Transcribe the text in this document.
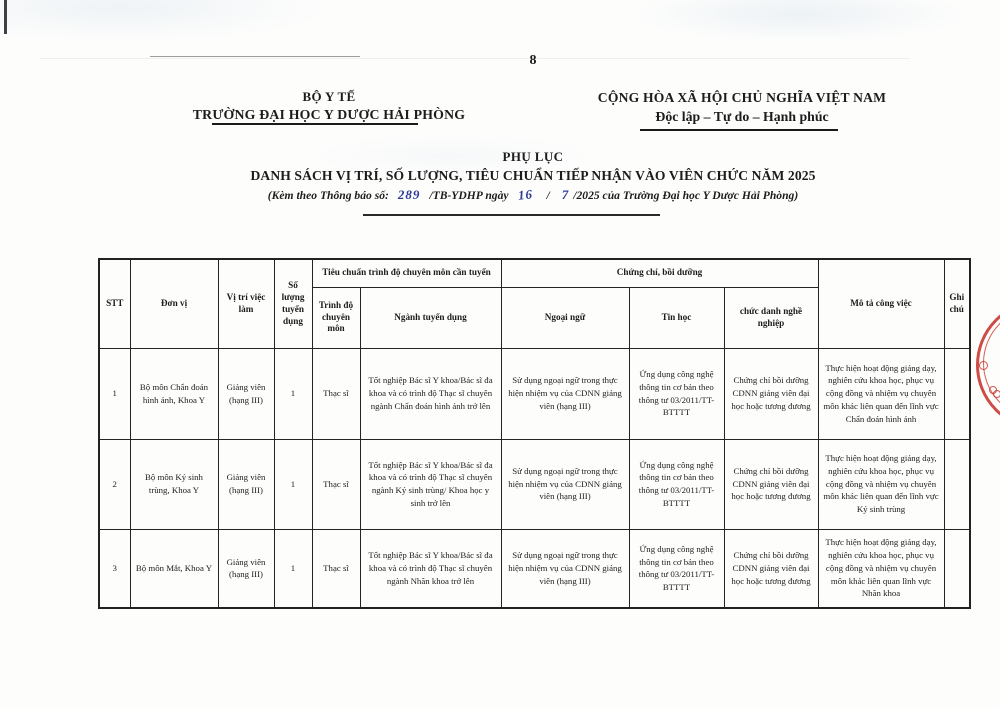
8
BỘ Y TẾ
TRƯỜNG ĐẠI HỌC Y DƯỢC HẢI PHÒNG
CỘNG HÒA XÃ HỘI CHỦ NGHĨA VIỆT NAM
Độc lập – Tự do – Hạnh phúc
PHỤ LỤC
DANH SÁCH VỊ TRÍ, SỐ LƯỢNG, TIÊU CHUẨN TIẾP NHẬN VÀO VIÊN CHỨC NĂM 2025
(Kèm theo Thông báo số: 289 /TB-YDHP ngày 16 / 7 /2025 của Trường Đại học Y Dược Hải Phòng)
STT	Đơn vị	Vị trí việc làm	Số lượng tuyển dụng	Tiêu chuẩn trình độ chuyên môn cần tuyển		Chứng chỉ, bồi dưỡng			Mô tả công việc	Ghi chú
				Trình độ chuyên môn	Ngành tuyển dụng	Ngoại ngữ	Tin học	chức danh nghề nghiệp		
1	Bộ môn Chẩn đoán hình ảnh, Khoa Y	Giảng viên (hạng III)	1	Thạc sĩ	Tốt nghiệp Bác sĩ Y khoa/Bác sĩ đa khoa và có trình độ Thạc sĩ chuyên ngành Chẩn đoán hình ảnh trở lên	Sử dụng ngoại ngữ trong thực hiện nhiệm vụ của CDNN giảng viên (hạng III)	Ứng dụng công nghệ thông tin cơ bản theo thông tư 03/2011/TT-BTTTT	Chứng chỉ bồi dưỡng CDNN giảng viên đại học hoặc tương đương	Thực hiện hoạt động giảng dạy, nghiên cứu khoa học, phục vụ cộng đồng và nhiệm vụ chuyên môn khác liên quan đến lĩnh vực Chẩn đoán hình ảnh	
2	Bộ môn Ký sinh trùng, Khoa Y	Giảng viên (hạng III)	1	Thạc sĩ	Tốt nghiệp Bác sĩ Y khoa/Bác sĩ đa khoa và có trình độ Thạc sĩ chuyên ngành Ký sinh trùng/ Khoa học y sinh trở lên	Sử dụng ngoại ngữ trong thực hiện nhiệm vụ của CDNN giảng viên (hạng III)	Ứng dụng công nghệ thông tin cơ bản theo thông tư 03/2011/TT-BTTTT	Chứng chỉ bồi dưỡng CDNN giảng viên đại học hoặc tương đương	Thực hiện hoạt động giảng dạy, nghiên cứu khoa học, phục vụ cộng đồng và nhiệm vụ chuyên môn khác liên quan đến lĩnh vực Ký sinh trùng	
3	Bộ môn Mắt, Khoa Y	Giảng viên (hạng III)	1	Thạc sĩ	Tốt nghiệp Bác sĩ Y khoa/Bác sĩ đa khoa và có trình độ Thạc sĩ chuyên ngành Nhãn khoa trở lên	Sử dụng ngoại ngữ trong thực hiện nhiệm vụ của CDNN giảng viên (hạng III)	Ứng dụng công nghệ thông tin cơ bản theo thông tư 03/2011/TT-BTTTT	Chứng chỉ bồi dưỡng CDNN giảng viên đại học hoặc tương đương	Thực hiện hoạt động giảng dạy, nghiên cứu khoa học, phục vụ cộng đồng và nhiệm vụ chuyên môn khác liên quan lĩnh vực Nhãn khoa	
